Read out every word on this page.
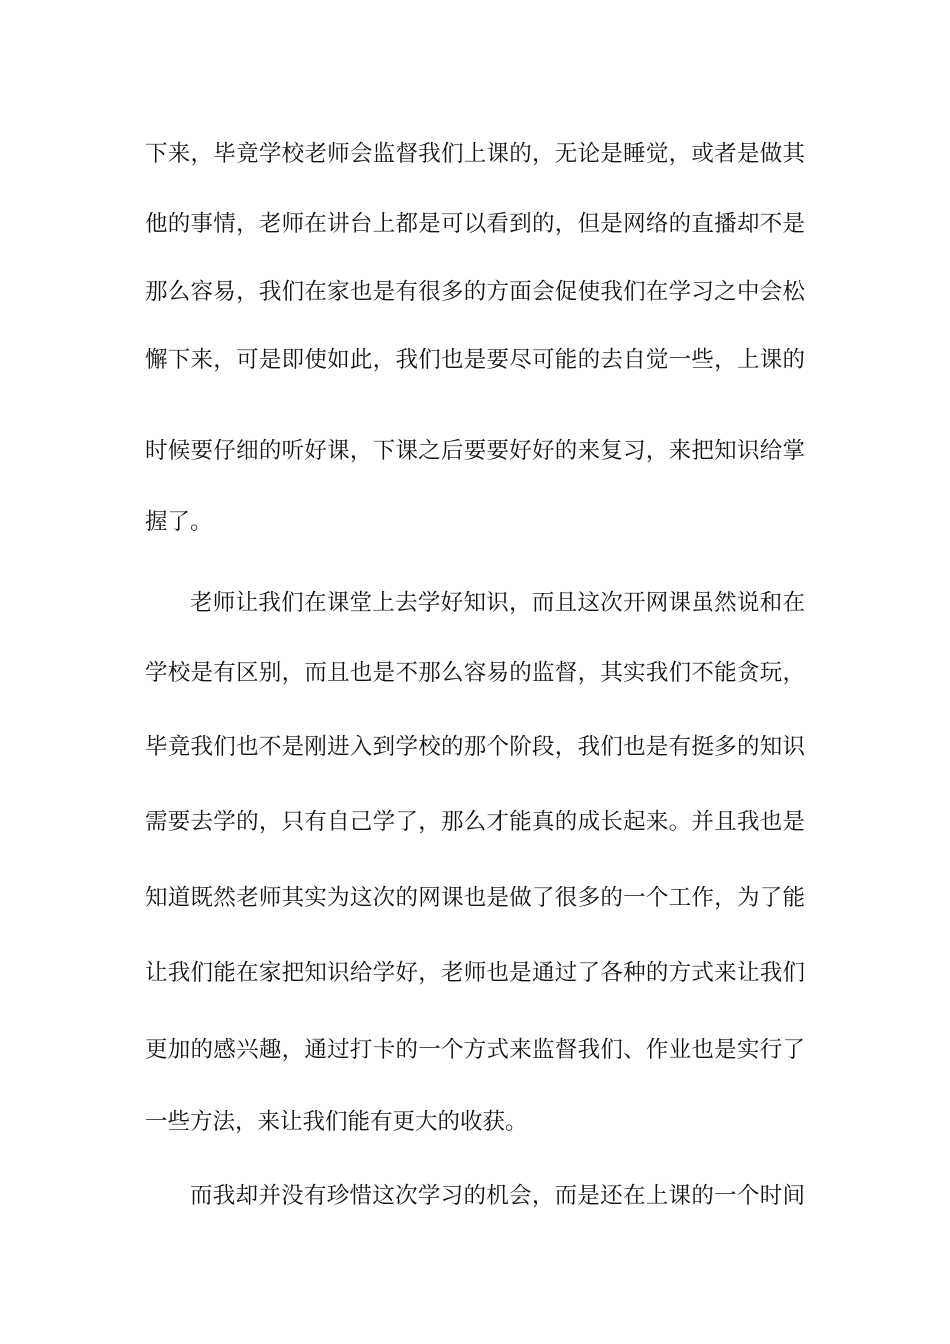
下来，毕竟学校老师会监督我们上课的，无论是睡觉，或者是做其
他的事情，老师在讲台上都是可以看到的，但是网络的直播却不是
那么容易，我们在家也是有很多的方面会促使我们在学习之中会松
懈下来，可是即使如此，我们也是要尽可能的去自觉一些，上课的
时候要仔细的听好课，下课之后要要好好的来复习，来把知识给掌
握了。
老师让我们在课堂上去学好知识，而且这次开网课虽然说和在
学校是有区别，而且也是不那么容易的监督，其实我们不能贪玩，
毕竟我们也不是刚进入到学校的那个阶段，我们也是有挺多的知识
需要去学的，只有自己学了，那么才能真的成长起来。并且我也是
知道既然老师其实为这次的网课也是做了很多的一个工作，为了能
让我们能在家把知识给学好，老师也是通过了各种的方式来让我们
更加的感兴趣，通过打卡的一个方式来监督我们、作业也是实行了
一些方法，来让我们能有更大的收获。
而我却并没有珍惜这次学习的机会，而是还在上课的一个时间
